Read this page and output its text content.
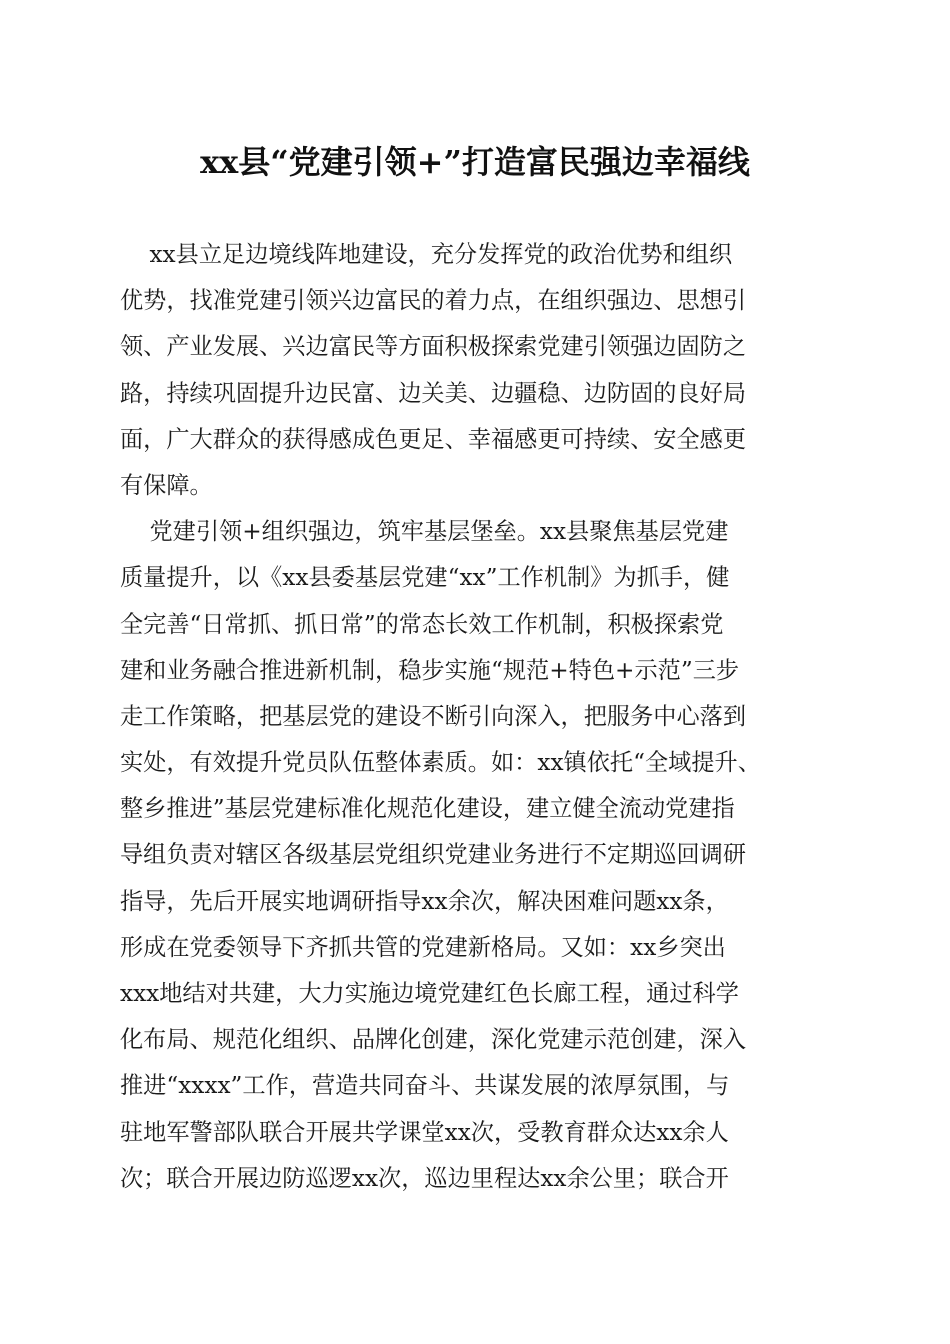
xx县“党建引领+”打造富民强边幸福线
xx县立足边境线阵地建设，充分发挥党的政治优势和组织
优势，找准党建引领兴边富民的着力点，在组织强边、思想引
领、产业发展、兴边富民等方面积极探索党建引领强边固防之
路，持续巩固提升边民富、边关美、边疆稳、边防固的良好局
面，广大群众的获得感成色更足、幸福感更可持续、安全感更
有保障。
党建引领+组织强边，筑牢基层堡垒。xx县聚焦基层党建
质量提升，以《xx县委基层党建“xx”工作机制》为抓手，健
全完善“日常抓、抓日常”的常态长效工作机制，积极探索党
建和业务融合推进新机制，稳步实施“规范+特色+示范”三步
走工作策略，把基层党的建设不断引向深入，把服务中心落到
实处，有效提升党员队伍整体素质。如：xx镇依托“全域提升、
整乡推进”基层党建标准化规范化建设，建立健全流动党建指
导组负责对辖区各级基层党组织党建业务进行不定期巡回调研
指导，先后开展实地调研指导xx余次，解决困难问题xx条，
形成在党委领导下齐抓共管的党建新格局。又如：xx乡突出
xxx地结对共建，大力实施边境党建红色长廊工程，通过科学
化布局、规范化组织、品牌化创建，深化党建示范创建，深入
推进“xxxx”工作，营造共同奋斗、共谋发展的浓厚氛围，与
驻地军警部队联合开展共学课堂xx次，受教育群众达xx余人
次；联合开展边防巡逻xx次，巡边里程达xx余公里；联合开
